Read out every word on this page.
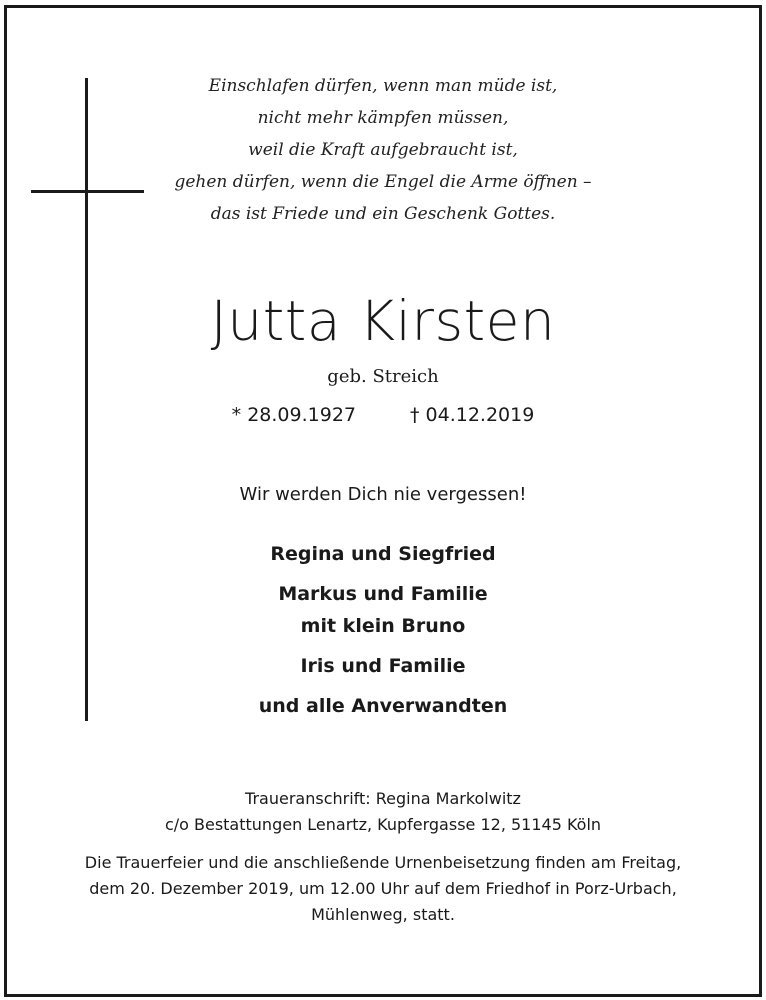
Einschlafen dürfen, wenn man müde ist,
nicht mehr kämpfen müssen,
weil die Kraft aufgebraucht ist,
gehen dürfen, wenn die Engel die Arme öffnen –
das ist Friede und ein Geschenk Gottes.
Jutta Kirsten
geb. Streich
* 28.09.1927	† 04.12.2019
Wir werden Dich nie vergessen!
Regina und Siegfried
Markus und Familie
mit klein Bruno
Iris und Familie
und alle Anverwandten
Traueranschrift: Regina Markolwitz
c/o Bestattungen Lenartz, Kupfergasse 12, 51145 Köln
Die Trauerfeier und die anschließende Urnenbeisetzung finden am Freitag,
dem 20. Dezember 2019, um 12.00 Uhr auf dem Friedhof in Porz-Urbach,
Mühlenweg, statt.
